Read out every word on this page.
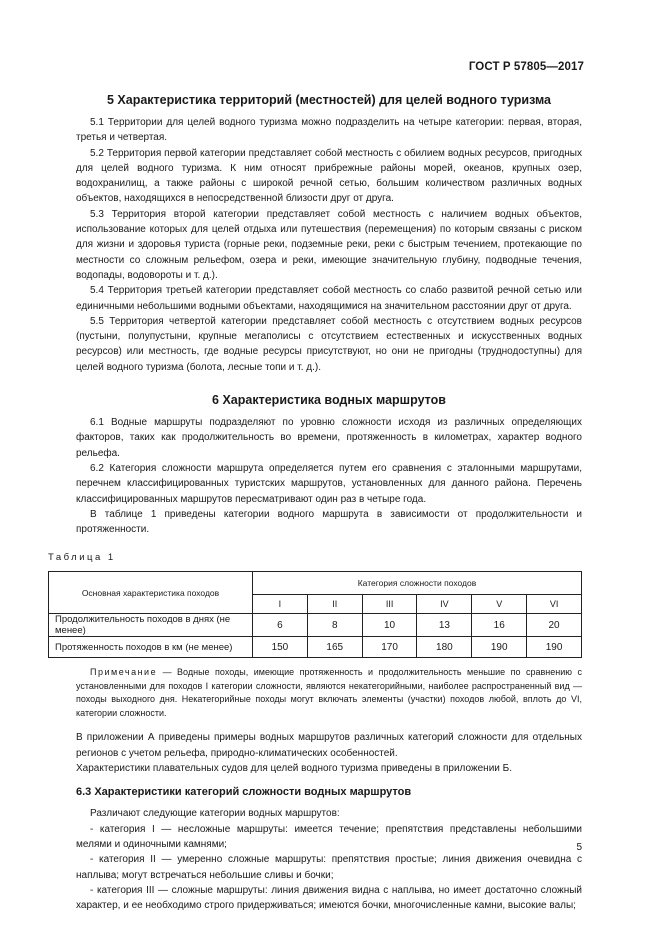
ГОСТ Р 57805—2017
5 Характеристика территорий (местностей) для целей водного туризма

5.1 Территории для целей водного туризма можно подразделить на четыре категории: первая, вторая, третья и четвертая.

5.2 Территория первой категории представляет собой местность с обилием водных ресурсов, пригодных для целей водного туризма. К ним относят прибрежные районы морей, океанов, крупных озер, водохранилищ, а также районы с широкой речной сетью, большим количеством различных водных объектов, находящихся в непосредственной близости друг от друга.

5.3 Территория второй категории представляет собой местность с наличием водных объектов, использование которых для целей отдыха или путешествия (перемещения) по которым связаны с риском для жизни и здоровья туриста (горные реки, подземные реки, реки с быстрым течением, протекающие по местности со сложным рельефом, озера и реки, имеющие значительную глубину, подводные течения, водопады, водовороты и т. д.).

5.4 Территория третьей категории представляет собой местность со слабо развитой речной сетью или единичными небольшими водными объектами, находящимися на значительном расстоянии друг от друга.

5.5 Территория четвертой категории представляет собой местность с отсутствием водных ресурсов (пустыни, полупустыни, крупные мегаполисы с отсутствием естественных и искусственных водных ресурсов) или местность, где водные ресурсы присутствуют, но они не пригодны (труднодоступны) для целей водного туризма (болота, лесные топи и т. д.).

6 Характеристика водных маршрутов

6.1 Водные маршруты подразделяют по уровню сложности исходя из различных определяющих факторов, таких как продолжительность во времени, протяженность в километрах, характер водного рельефа.

6.2 Категория сложности маршрута определяется путем его сравнения с эталонными маршрутами, перечнем классифицированных туристских маршрутов, установленных для данного района. Перечень классифицированных маршрутов пересматривают один раз в четыре года.

В таблице 1 приведены категории водного маршрута в зависимости от продолжительности и протяженности.

Таблица 1

Основная характеристика походов	Категория сложности походов					
	I	II	III	IV	V	VI
Продолжительность походов в днях (не менее)	6	8	10	13	16	20
Протяженность походов в км (не менее)	150	165	170	180	190	190

Примечание — Водные походы, имеющие протяженность и продолжительность меньшие по сравнению с установленными для походов I категории сложности, являются некатегорийными, наиболее распространенный вид — походы выходного дня. Некатегорийные походы могут включать элементы (участки) походов любой, вплоть до VI, категории сложности.

В приложении А приведены примеры водных маршрутов различных категорий сложности для отдельных регионов с учетом рельефа, природно-климатических особенностей.

Характеристики плавательных судов для целей водного туризма приведены в приложении Б.

6.3 Характеристики категорий сложности водных маршрутов

Различают следующие категории водных маршрутов:

- категория I — несложные маршруты: имеется течение; препятствия представлены небольшими мелями и одиночными камнями;

- категория II — умеренно сложные маршруты: препятствия простые; линия движения очевидна с наплыва; могут встречаться небольшие сливы и бочки;

- категория III — сложные маршруты: линия движения видна с наплыва, но имеет достаточно сложный характер, и ее необходимо строго придерживаться; имеются бочки, многочисленные камни, высокие валы;

5
